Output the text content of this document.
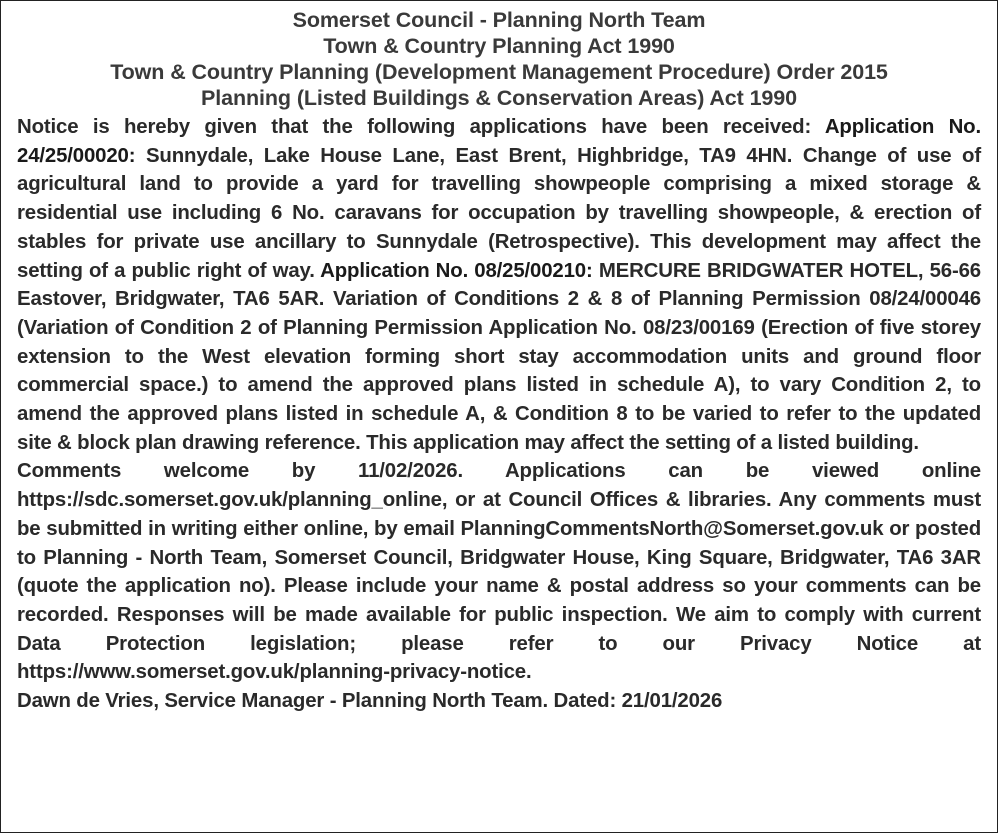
Somerset Council - Planning North Team

Town & Country Planning Act 1990

Town & Country Planning (Development Management Procedure) Order 2015

Planning (Listed Buildings & Conservation Areas) Act 1990

Notice is hereby given that the following applications have been received: Application No. 24/25/00020: Sunnydale, Lake House Lane, East Brent, Highbridge, TA9 4HN. Change of use of agricultural land to provide a yard for travelling showpeople comprising a mixed storage & residential use including 6 No. caravans for occupation by travelling showpeople, & erection of stables for private use ancillary to Sunnydale (Retrospective). This development may affect the setting of a public right of way. Application No. 08/25/00210: MERCURE BRIDGWATER HOTEL, 56-66 Eastover, Bridgwater, TA6 5AR. Variation of Conditions 2 & 8 of Planning Permission 08/24/00046 (Variation of Condition 2 of Planning Permission Application No. 08/23/00169 (Erection of five storey extension to the West elevation forming short stay accommodation units and ground floor commercial space.) to amend the approved plans listed in schedule A), to vary Condition 2, to amend the approved plans listed in schedule A, & Condition 8 to be varied to refer to the updated site & block plan drawing reference. This application may affect the setting of a listed building.

Comments welcome by 11/02/2026. Applications can be viewed online https://sdc.somerset.gov.uk/planning_online, or at Council Offices & libraries. Any comments must be submitted in writing either online, by email PlanningCommentsNorth@Somerset.gov.uk or posted to Planning - North Team, Somerset Council, Bridgwater House, King Square, Bridgwater, TA6 3AR (quote the application no). Please include your name & postal address so your comments can be recorded. Responses will be made available for public inspection. We aim to comply with current Data Protection legislation; please refer to our Privacy Notice at https://www.somerset.gov.uk/planning-privacy-notice.

Dawn de Vries, Service Manager - Planning North Team. Dated: 21/01/2026
